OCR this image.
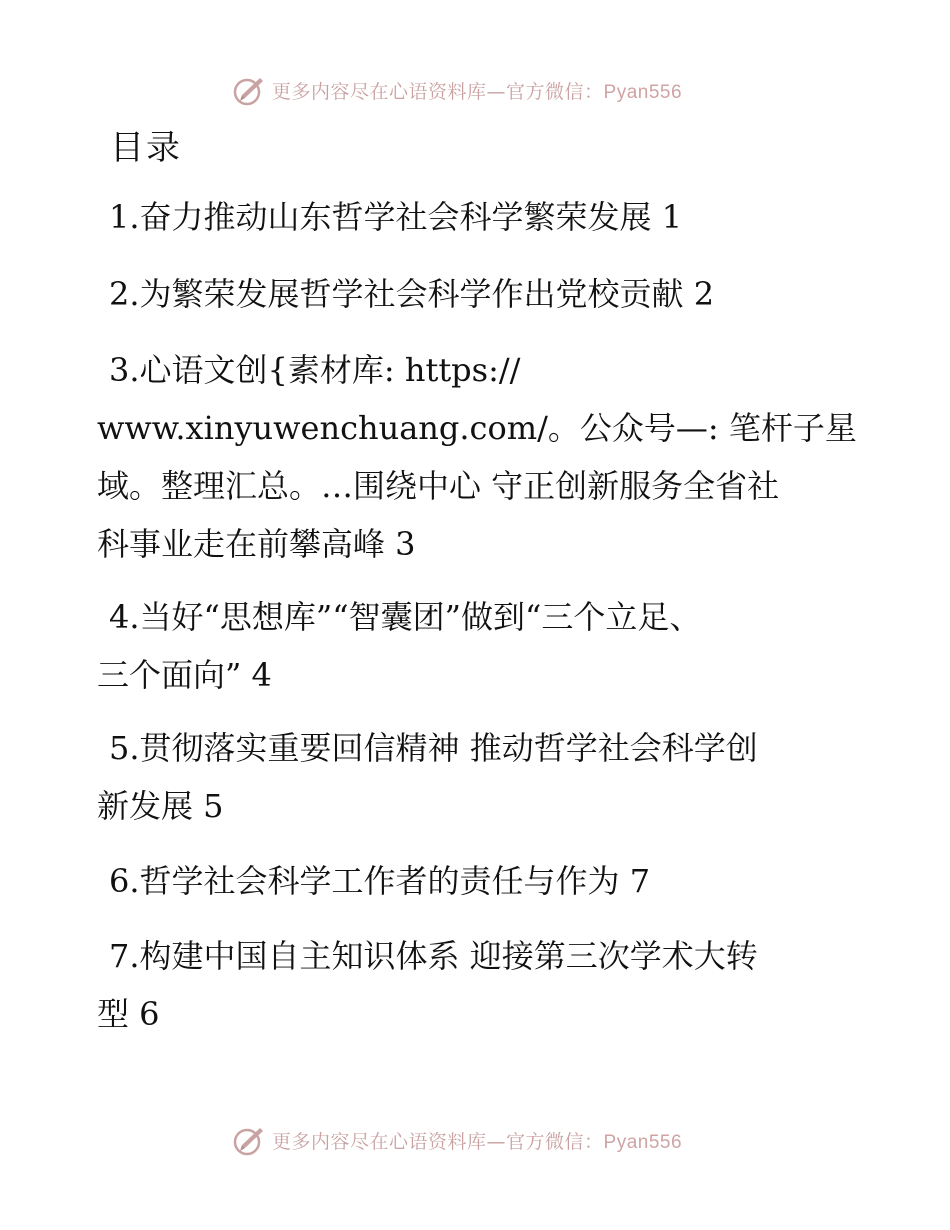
更多内容尽在心语资料库—官方微信：Pyan556
目录
1.奋力推动山东哲学社会科学繁荣发展 1
2.为繁荣发展哲学社会科学作出党校贡献 2
3.心语文创{素材库: https://
www.xinyuwenchuang.com/。公众号—: 笔杆子星
域。整理汇总。…围绕中心 守正创新服务全省社
科事业走在前攀高峰 3
4.当好“思想库”“智囊团”做到“三个立足、
三个面向” 4
5.贯彻落实重要回信精神 推动哲学社会科学创
新发展 5
6.哲学社会科学工作者的责任与作为 7
7.构建中国自主知识体系 迎接第三次学术大转
型 6
更多内容尽在心语资料库—官方微信：Pyan556
